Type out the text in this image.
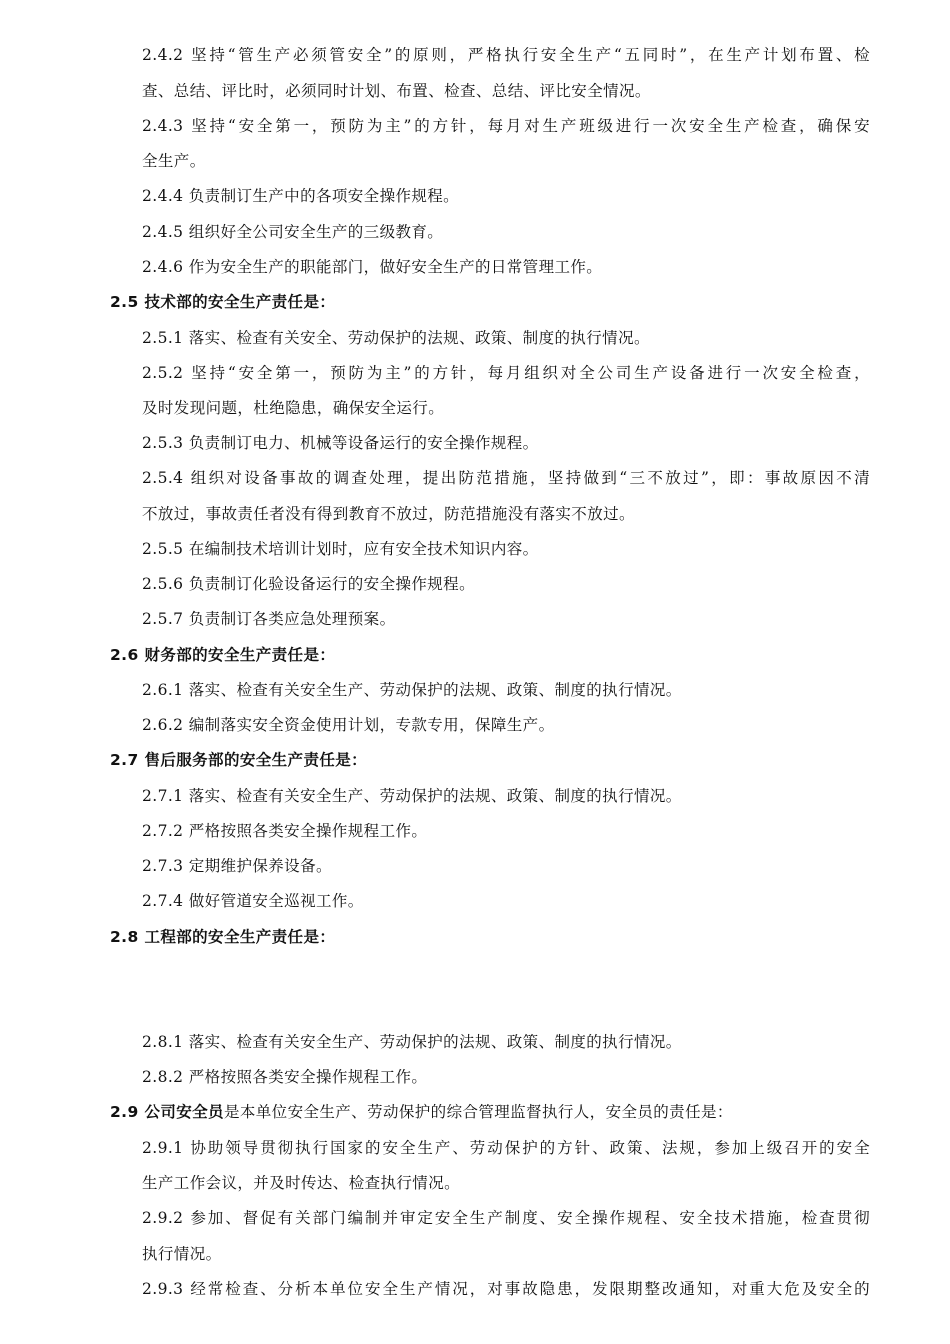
2.4.2 坚持“管生产必须管安全”的原则，严格执行安全生产“五同时”，在生产计划布置、检
查、总结、评比时，必须同时计划、布置、检查、总结、评比安全情况。
2.4.3 坚持“安全第一，预防为主”的方针，每月对生产班级进行一次安全生产检查，确保安
全生产。
2.4.4 负责制订生产中的各项安全操作规程。
2.4.5 组织好全公司安全生产的三级教育。
2.4.6 作为安全生产的职能部门，做好安全生产的日常管理工作。
2.5 技术部的安全生产责任是：
2.5.1 落实、检查有关安全、劳动保护的法规、政策、制度的执行情况。
2.5.2 坚持“安全第一，预防为主”的方针，每月组织对全公司生产设备进行一次安全检查，
及时发现问题，杜绝隐患，确保安全运行。
2.5.3 负责制订电力、机械等设备运行的安全操作规程。
2.5.4 组织对设备事故的调查处理，提出防范措施，坚持做到“三不放过”，即：事故原因不清
不放过，事故责任者没有得到教育不放过，防范措施没有落实不放过。
2.5.5 在编制技术培训计划时，应有安全技术知识内容。
2.5.6 负责制订化验设备运行的安全操作规程。
2.5.7 负责制订各类应急处理预案。
2.6 财务部的安全生产责任是：
2.6.1 落实、检查有关安全生产、劳动保护的法规、政策、制度的执行情况。
2.6.2 编制落实安全资金使用计划，专款专用，保障生产。
2.7 售后服务部的安全生产责任是：
2.7.1 落实、检查有关安全生产、劳动保护的法规、政策、制度的执行情况。
2.7.2 严格按照各类安全操作规程工作。
2.7.3 定期维护保养设备。
2.7.4 做好管道安全巡视工作。
2.8 工程部的安全生产责任是：
2.8.1 落实、检查有关安全生产、劳动保护的法规、政策、制度的执行情况。
2.8.2 严格按照各类安全操作规程工作。
2.9 公司安全员是本单位安全生产、劳动保护的综合管理监督执行人，安全员的责任是：
2.9.1 协助领导贯彻执行国家的安全生产、劳动保护的方针、政策、法规，参加上级召开的安全
生产工作会议，并及时传达、检查执行情况。
2.9.2 参加、督促有关部门编制并审定安全生产制度、安全操作规程、安全技术措施，检查贯彻
执行情况。
2.9.3 经常检查、分析本单位安全生产情况，对事故隐患，发限期整改通知，对重大危及安全的
